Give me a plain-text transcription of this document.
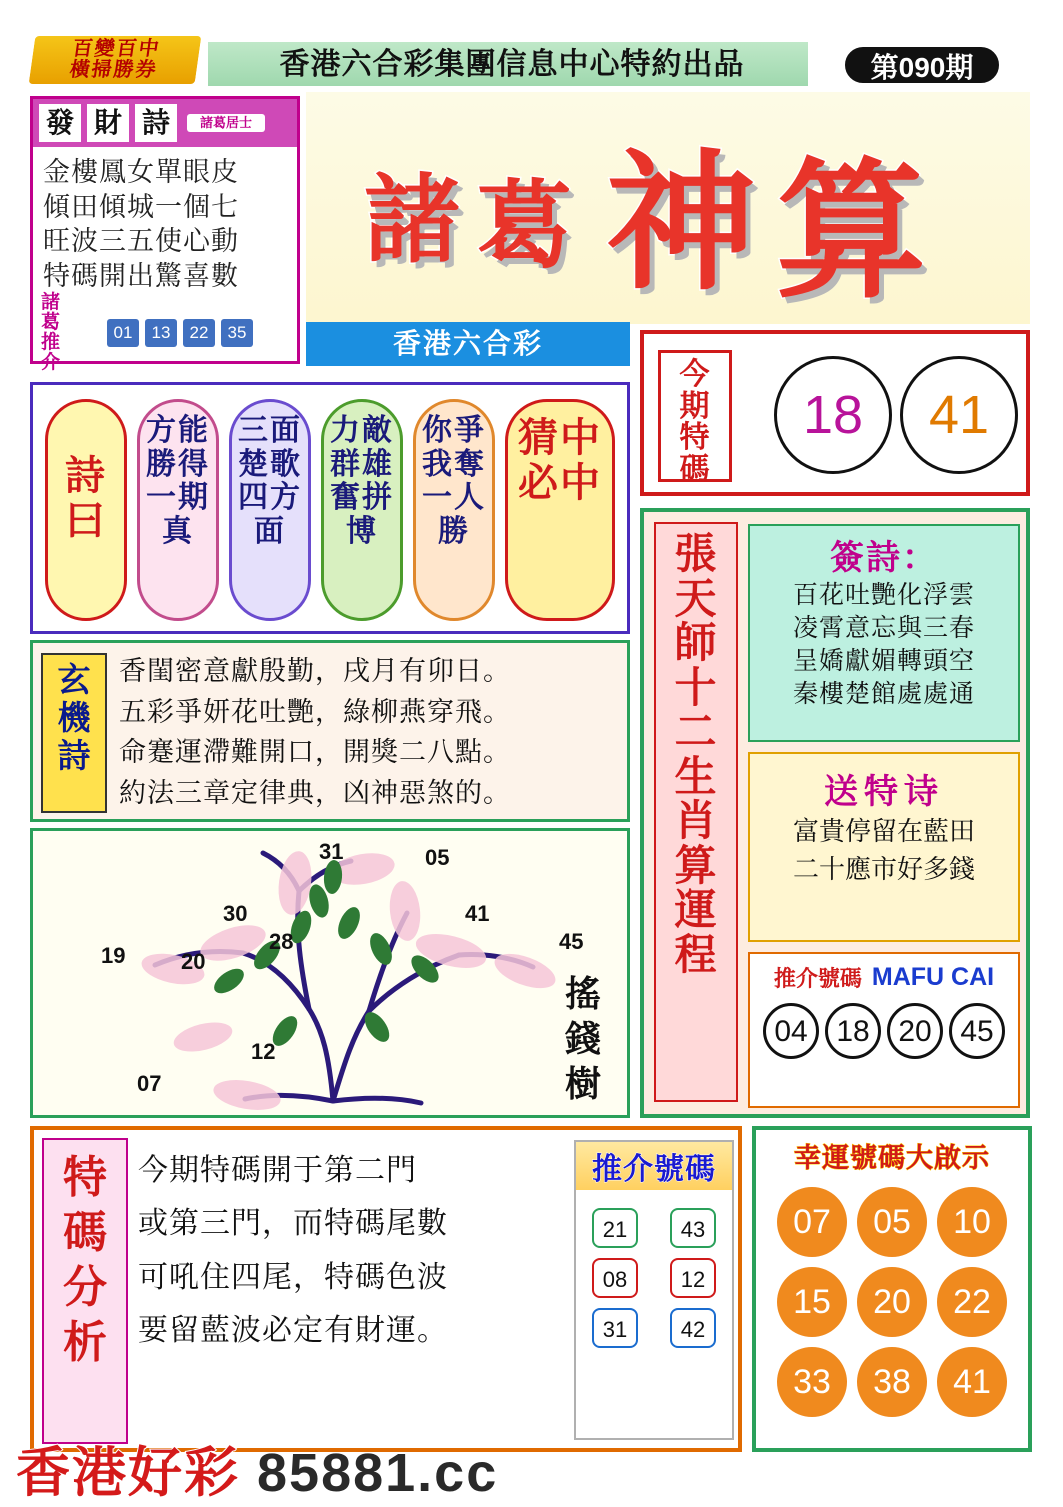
百變百中
橫掃勝券	香港六合彩集團信息中心特約出品	第090期
發 財 詩	諸葛居士
金樓鳳女單眼皮
傾田傾城一個七
旺波三五使心動
特碼開出驚喜數
諸 葛
推 介
01	13	22	35
諸 葛 神 算
香港六合彩
今
期
特
碼
18	41
詩曰
方能勝得一期真
三面楚歌四方面
力敵群雄奮拼博
你爭我奪一人勝
猜中必中
玄機詩
香閨密意獻殷勤，戌月有卯日。
五彩爭妍花吐艷，綠柳燕穿飛。
命蹇運滯難開口，開獎二八點。
約法三章定律典，凶神惡煞的。
31	05
30
28
41
45
19	20
12
07
搖
錢
樹
張
天
師
十
二
生
肖
算
運
程
簽詩：
百花吐艷化浮雲
凌霄意忘與三春
呈嬌獻媚轉頭空
秦樓楚館處處通
送特诗
富貴停留在藍田
二十應市好多錢
推介號碼 MAFU CAI
04 18 20 45
特
碼
分
析
今期特碼開于第二門
或第三門，而特碼尾數
可吼住四尾，特碼色波
要留藍波必定有財運。
推介號碼
21	43
08	12
31	42
幸運號碼大啟示
07	05	10
15	20	22
33	38	41
香港好彩 85881.cc
